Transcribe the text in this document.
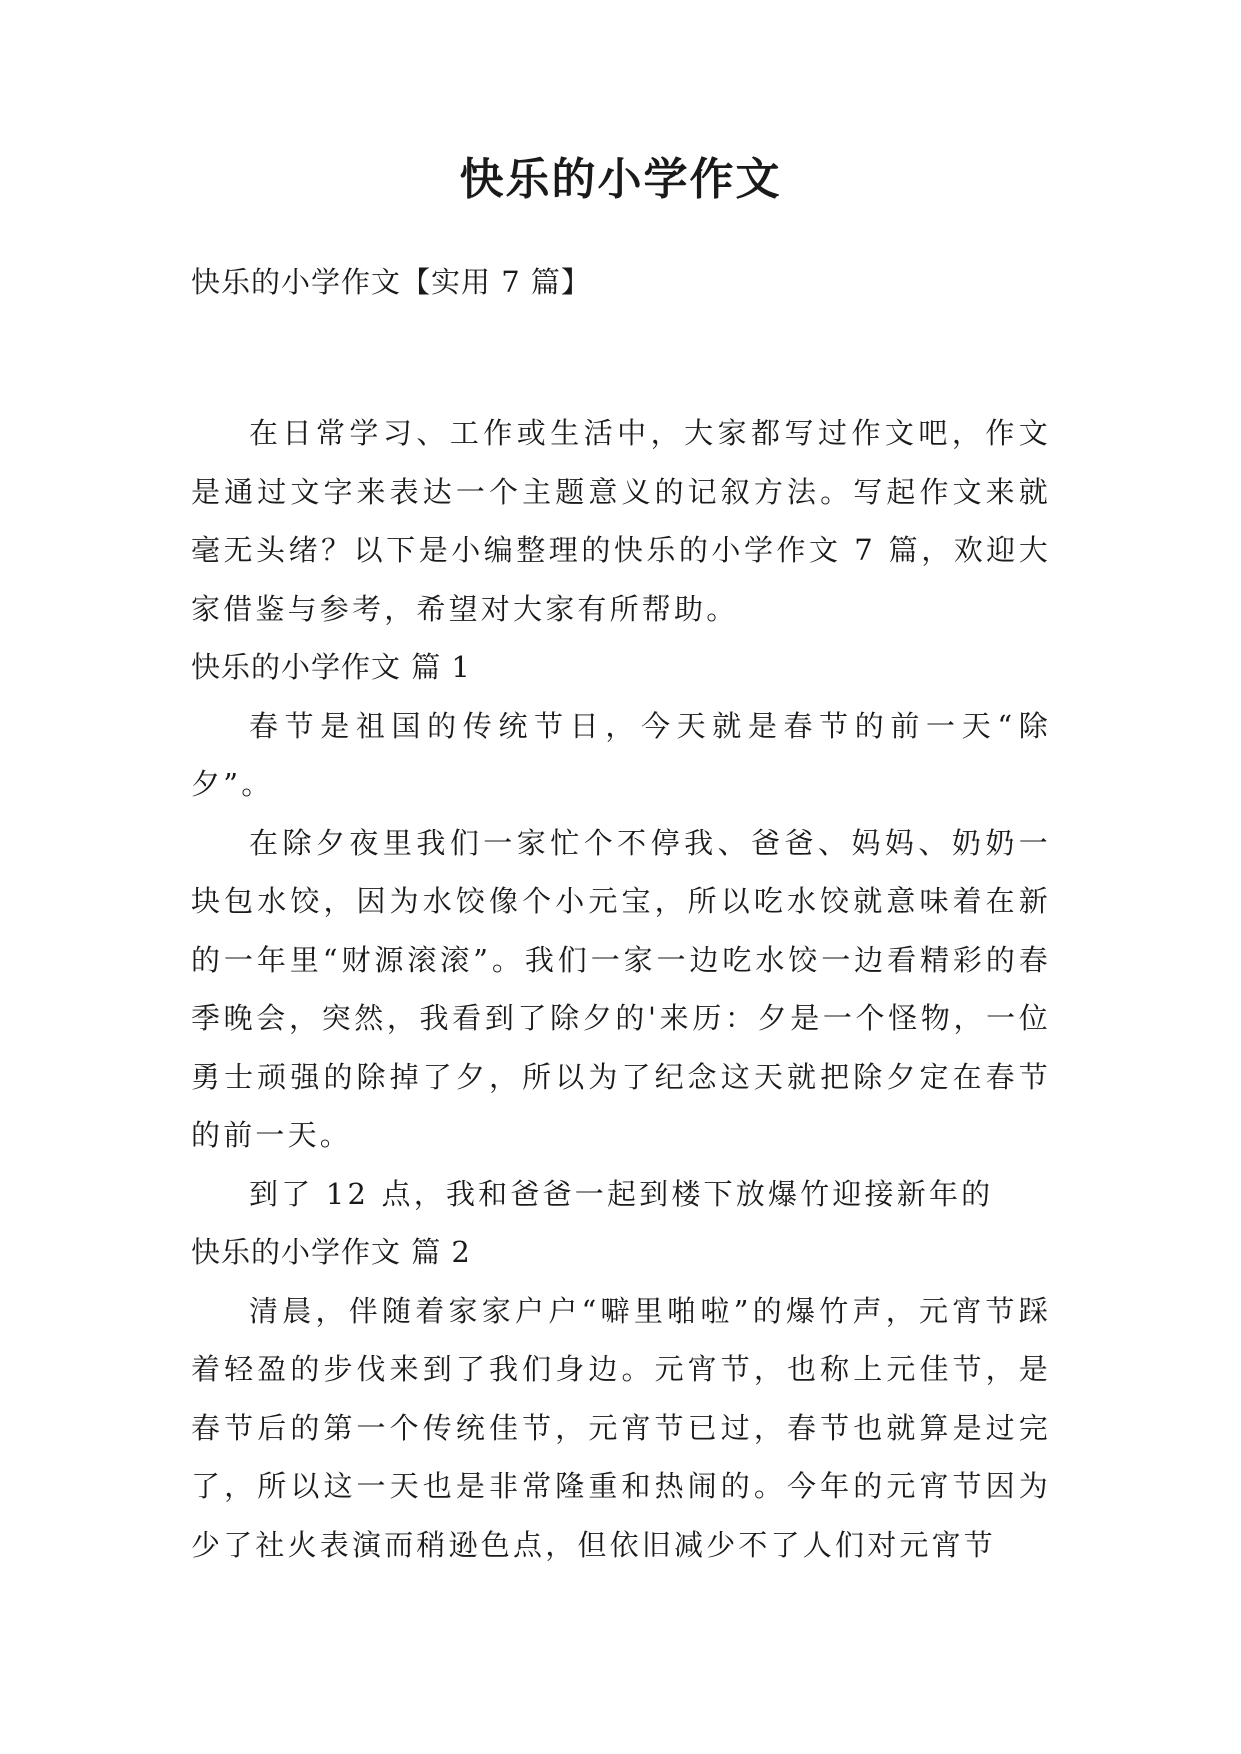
快乐的小学作文
快乐的小学作文【实用 7 篇】

在日常学习、工作或生活中，大家都写过作文吧，作文是通过文字来表达一个主题意义的记叙方法。写起作文来就毫无头绪？以下是小编整理的快乐的小学作文 7 篇，欢迎大家借鉴与参考，希望对大家有所帮助。

快乐的小学作文 篇 1

春节是祖国的传统节日，今天就是春节的前一天“除夕”。

在除夕夜里我们一家忙个不停我、爸爸、妈妈、奶奶一块包水饺，因为水饺像个小元宝，所以吃水饺就意味着在新的一年里“财源滚滚”。我们一家一边吃水饺一边看精彩的春季晚会，突然，我看到了除夕的'来历：夕是一个怪物，一位勇士顽强的除掉了夕，所以为了纪念这天就把除夕定在春节的前一天。

到了 12 点，我和爸爸一起到楼下放爆竹迎接新年的

快乐的小学作文 篇 2

清晨，伴随着家家户户“噼里啪啦”的爆竹声，元宵节踩着轻盈的步伐来到了我们身边。元宵节，也称上元佳节，是春节后的第一个传统佳节，元宵节已过，春节也就算是过完了，所以这一天也是非常隆重和热闹的。今年的元宵节因为少了社火表演而稍逊色点，但依旧减少不了人们对元宵节
